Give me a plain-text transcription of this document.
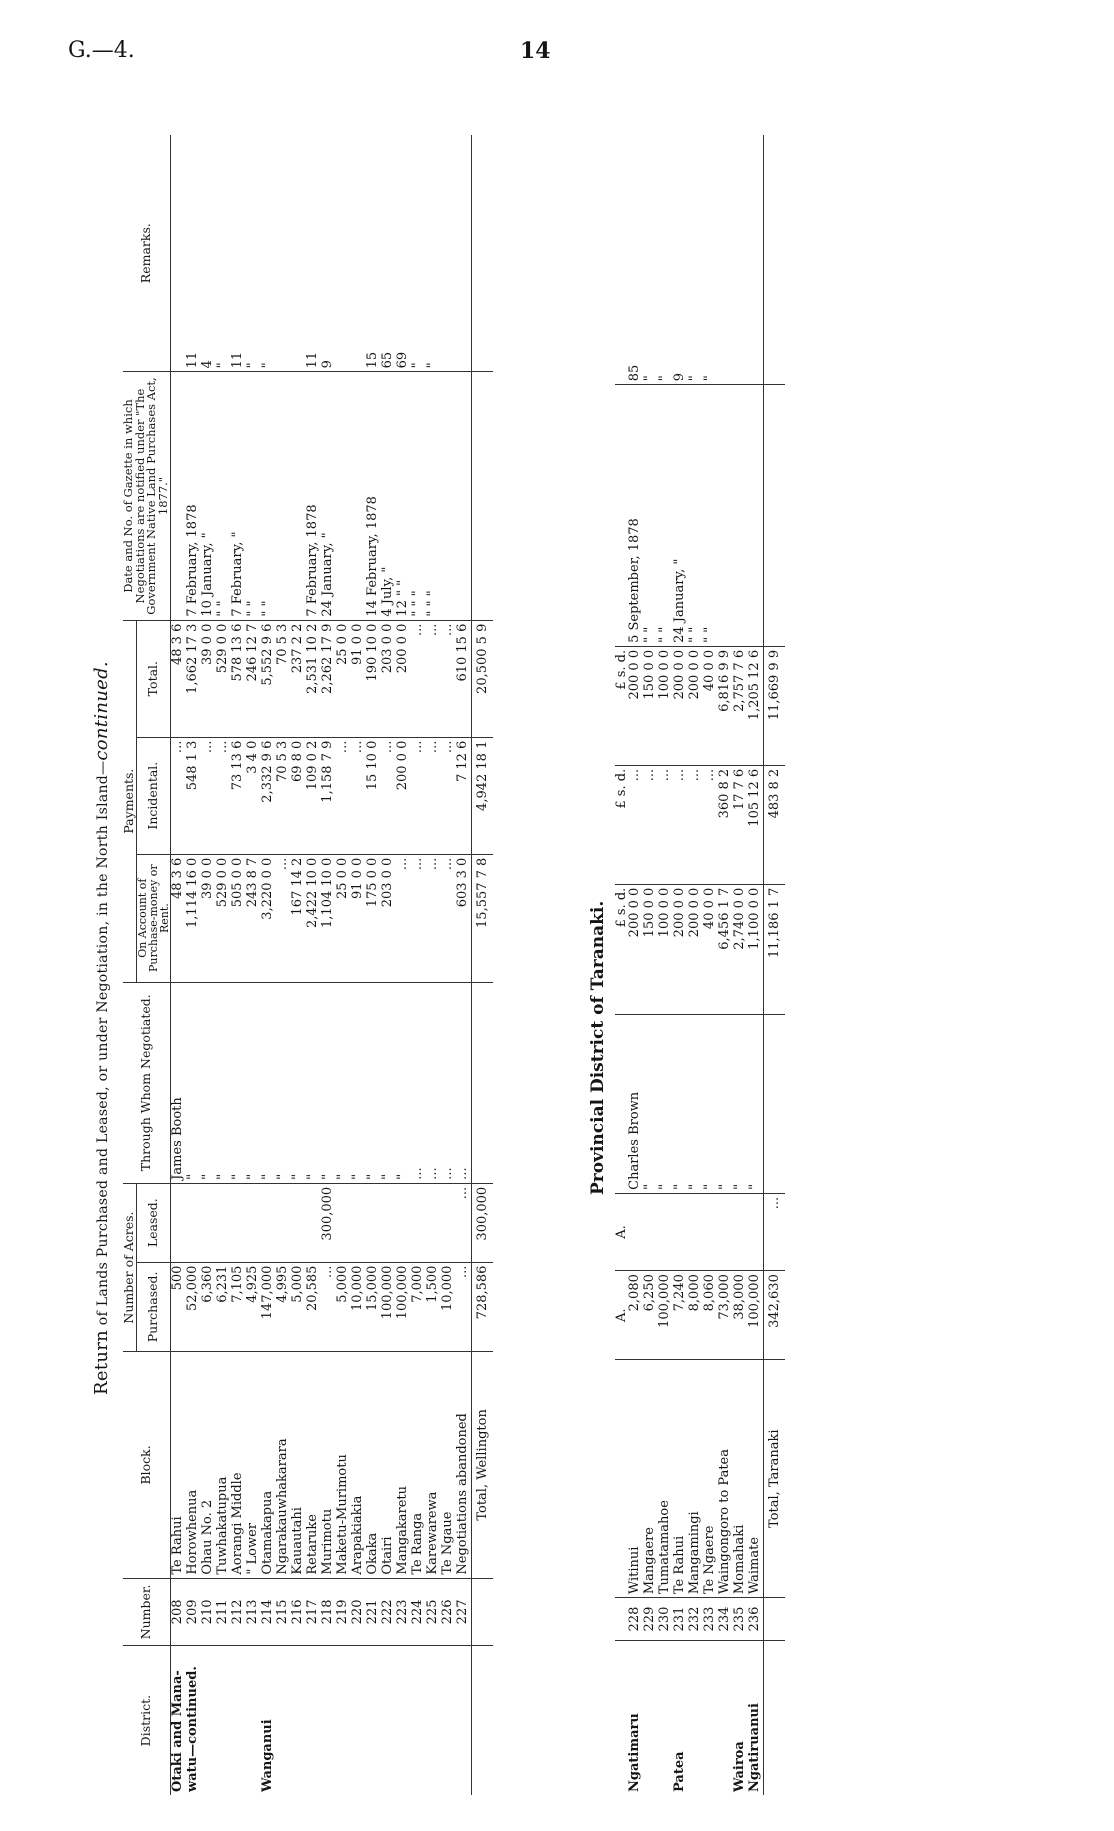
G.—4.	14
Return of Lands Purchased and Leased, or under Negotiation, in the North Island—continued.
District.	Number.	Block.	Number of Acres.		Through Whom Negotiated.	Payments.			Date and No. of Gazette in which Negotiations are notified under "The Government Native Land Purchases Act, 1877."	Remarks.
			Purchased.	Leased.		On Account of Purchase-money or Rent.	Incidental.	Total.		
Otaki and Mana-	208	Te Rahui	500		James Booth	48 3 6	...	48 3 6		
watu—continued.	209	Horowhenua	52,000		"	1,114 16 0	548 1 3	1,662 17 3	7 February, 1878	11
	210	Ohau No. 2	6,360		"	39 0 0	...	39 0 0	10 January, "	4
	211	Tuwhakatupua	6,231		"	529 0 0	...	529 0 0	" "	"
	212	Aorangi Middle	7,105		"	505 0 0	73 13 6	578 13 6	7 February, "	11
	213	" Lower	4,925		"	243 8 7	3 4 0	246 12 7	" "	"
Wanganui	214	Otamakapua	147,000		"	3,220 0 0	2,332 9 6	5,552 9 6	" "	"
	215	Ngarakauwhakarara	4,995		"	...	70 5 3	70 5 3		
	216	Kauautahi	5,000		"	167 14 2	69 8 0	237 2 2		
	217	Retaruke	20,585		"	2,422 10 0	109 0 2	2,531 10 2	7 February, 1878	11
	218	Murimotu	...	300,000	"	1,104 10 0	1,158 7 9	2,262 17 9	24 January, "	9
	219	Maketu-Murimotu	5,000		"	25 0 0	...	25 0 0		
	220	Arapakiakia	10,000		"	91 0 0	...	91 0 0		
	221	Okaka	15,000		"	175 0 0	15 10 0	190 10 0	14 February, 1878	15
	222	Otairi	100,000		"	203 0 0	...	203 0 0	4 July, "	65
	223	Mangakaretu	100,000		"	...	200 0 0	200 0 0	12 " "	69
	224	Te Ranga	7,000		...	...	...	...	" " "	"
	225	Karewarewa	1,500		...	...	...	...	" " "	"
	226	Te Ngaue	10,000		...	...	...	...		
	227	Negotiations abandoned	...	...	...	603 3 0	7 12 6	610 15 6		
		Total, Wellington	728,586	300,000		15,557 7 8	4,942 18 1	20,500 5 9		
Provincial District of Taranaki.
			A.	A.		£ s. d.	£ s. d.	£ s. d.		
Ngatimaru	228	Witinui	2,080		Charles Brown	200 0 0	...	200 0 0	5 September, 1878	85
	229	Mangaere	6,250		"	150 0 0	...	150 0 0	" "	"
	230	Tumatamahoe	100,000		"	100 0 0	...	100 0 0	" "	"
Patea	231	Te Rahui	7,240		"	200 0 0	...	200 0 0	24 January, "	9
	232	Mangamingi	8,000		"	200 0 0	...	200 0 0	" "	"
	233	Te Ngaere	8,060		"	40 0 0	...	40 0 0	" "	"
	234	Waingongoro to Patea	73,000		"	6,456 1 7	360 8 2	6,816 9 9		
Wairoa	235	Momahaki	38,000		"	2,740 0 0	17 7 6	2,757 7 6		
Ngatiruanui	236	Waimate	100,000		"	1,100 0 0	105 12 6	1,205 12 6		
		Total, Taranaki	342,630	...		11,186 1 7	483 8 2	11,669 9 9		
